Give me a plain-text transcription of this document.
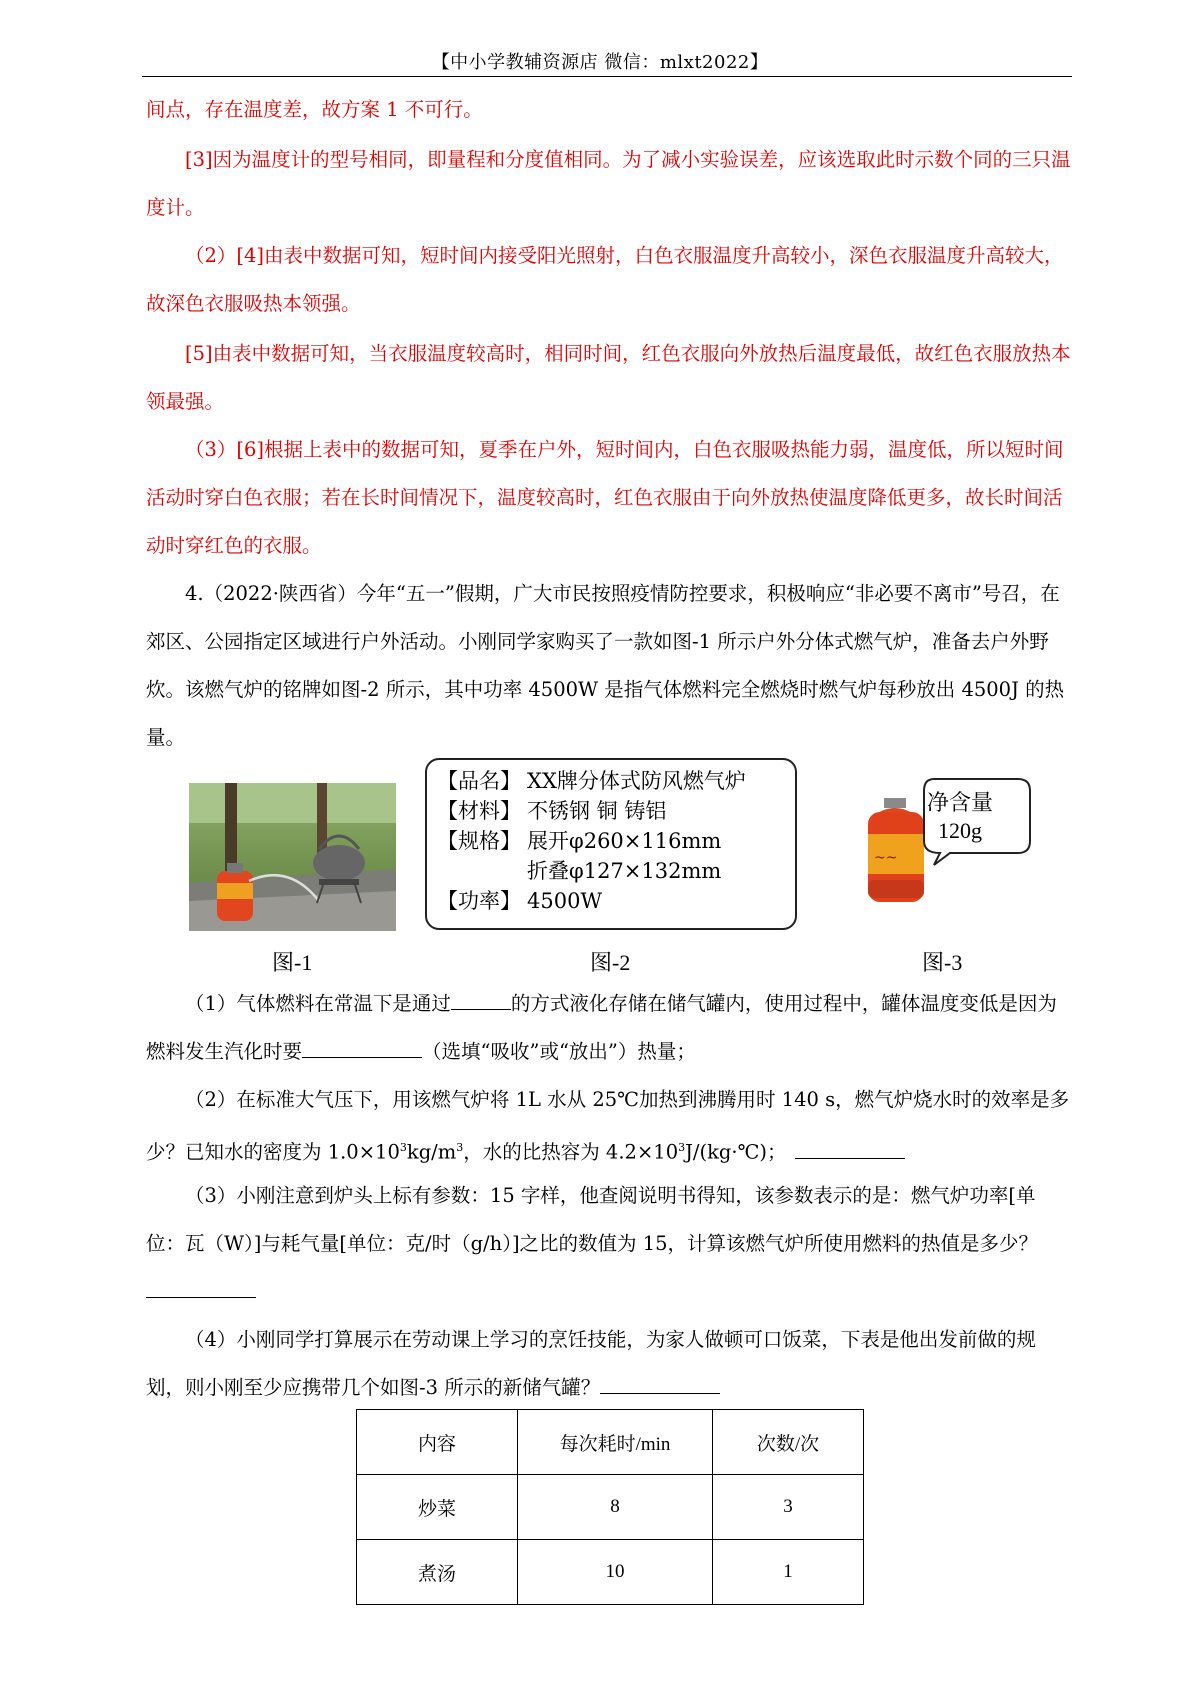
【中小学教辅资源店 微信：mlxt2022】
间点，存在温度差，故方案 1 不可行。
[3]因为温度计的型号相同，即量程和分度值相同。为了减小实验误差，应该选取此时示数个同的三只温度计。
（2）[4]由表中数据可知，短时间内接受阳光照射，白色衣服温度升高较小，深色衣服温度升高较大，故深色衣服吸热本领强。
[5]由表中数据可知，当衣服温度较高时，相同时间，红色衣服向外放热后温度最低，故红色衣服放热本领最强。
（3）[6]根据上表中的数据可知，夏季在户外，短时间内，白色衣服吸热能力弱，温度低，所以短时间活动时穿白色衣服；若在长时间情况下，温度较高时，红色衣服由于向外放热使温度降低更多，故长时间活动时穿红色的衣服。
4.（2022·陕西省）今年“五一”假期，广大市民按照疫情防控要求，积极响应“非必要不离市”号召，在郊区、公园指定区域进行户外活动。小刚同学家购买了一款如图-1 所示户外分体式燃气炉，准备去户外野炊。该燃气炉的铭牌如图-2 所示，其中功率 4500W 是指气体燃料完全燃烧时燃气炉每秒放出 4500J 的热量。
图-1
【品名】 XX牌分体式防风燃气炉
【材料】 不锈钢 铜 铸铝
【规格】 展开φ260×116mm
折叠φ127×132mm
【功率】 4500W
图-2
~~
净含量
120g
图-3
（1）气体燃料在常温下是通过	的方式液化存储在储气罐内，使用过程中，罐体温度变低是因为燃料发生汽化时要	（选填“吸收”或“放出”）热量；
（2）在标准大气压下，用该燃气炉将 1L 水从 25℃加热到沸腾用时 140 s，燃气炉烧水时的效率是多少？已知水的密度为 $1.0\times 10^3kg/m^3$，水的比热容为 $4.2\times 10^3J/(kg\cdot℃)$；
（3）小刚注意到炉头上标有参数：15 字样，他查阅说明书得知，该参数表示的是：燃气炉功率[单位：瓦（W）]与耗气量[单位：克/时（g/h）]之比的数值为 15，计算该燃气炉所使用燃料的热值是多少？
（4）小刚同学打算展示在劳动课上学习的烹饪技能，为家人做顿可口饭菜，下表是他出发前做的规划，则小刚至少应携带几个如图-3 所示的新储气罐？
内容	每次耗时/min	次数/次
炒菜	8	3
煮汤	10	1
